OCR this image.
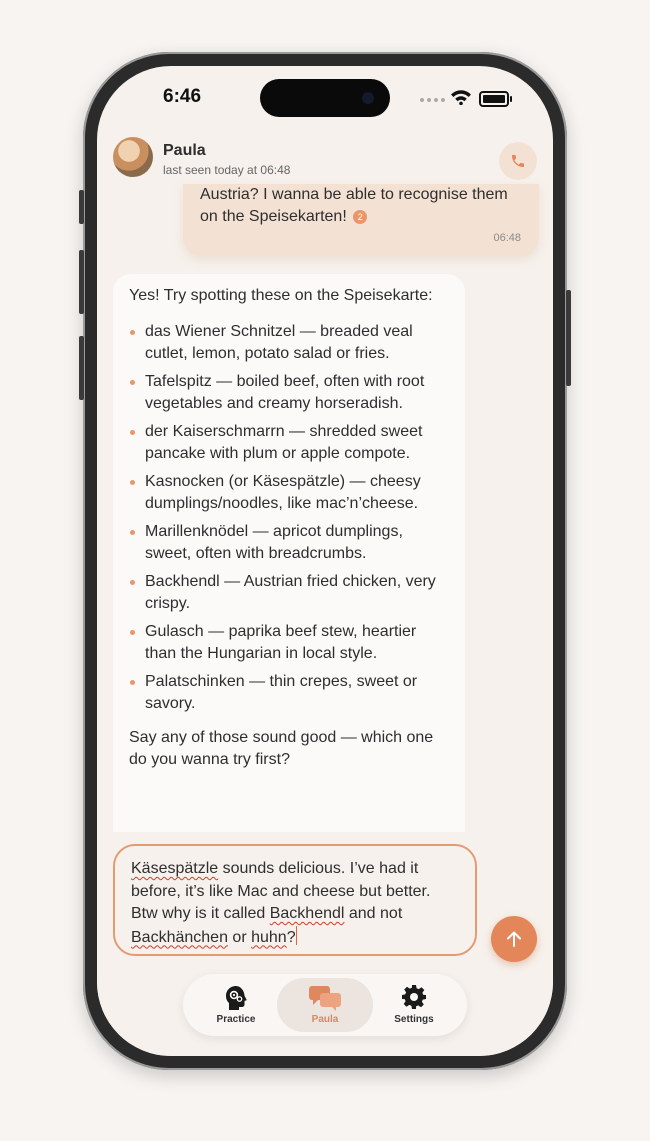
6:46
Paula
last seen today at 06:48
Austria? I wanna be able to recognise them on the Speisekarten! 2
06:48

Yes! Try spotting these on the Speisekarte:

das Wiener Schnitzel — breaded veal cutlet, lemon, potato salad or fries.
Tafelspitz — boiled beef, often with root vegetables and creamy horseradish.
der Kaiserschmarrn — shredded sweet pancake with plum or apple compote.
Kasnocken (or Käsespätzle) — cheesy dumplings/noodles, like mac’n’cheese.
Marillenknödel — apricot dumplings, sweet, often with breadcrumbs.
Backhendl — Austrian fried chicken, very crispy.
Gulasch — paprika beef stew, heartier than the Hungarian in local style.
Palatschinken — thin crepes, sweet or savory.

Say any of those sound good — which one do you wanna try first?

Käsespätzle sounds delicious. I’ve had it before, it’s like Mac and cheese but better. Btw why is it called Backhendl and not Backhänchen or huhn?
Practice	Paula	Settings
